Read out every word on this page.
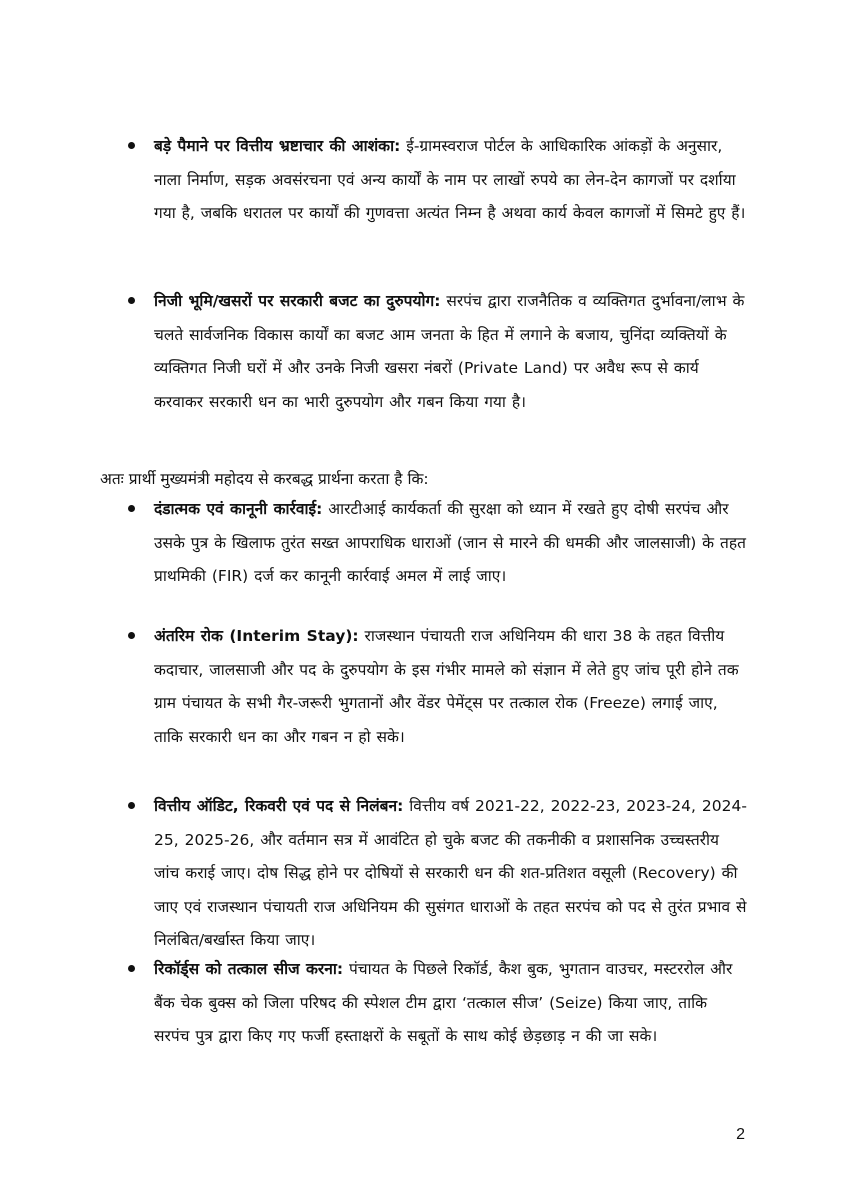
बड़े पैमाने पर वित्तीय भ्रष्टाचार की आशंका: ई-ग्रामस्वराज पोर्टल के आधिकारिक आंकड़ों के अनुसार, नाला निर्माण, सड़क अवसंरचना एवं अन्य कार्यों के नाम पर लाखों रुपये का लेन-देन कागजों पर दर्शाया गया है, जबकि धरातल पर कार्यों की गुणवत्ता अत्यंत निम्न है अथवा कार्य केवल कागजों में सिमटे हुए हैं।
निजी भूमि/खसरों पर सरकारी बजट का दुरुपयोग: सरपंच द्वारा राजनैतिक व व्यक्तिगत दुर्भावना/लाभ के चलते सार्वजनिक विकास कार्यों का बजट आम जनता के हित में लगाने के बजाय, चुनिंदा व्यक्तियों के व्यक्तिगत निजी घरों में और उनके निजी खसरा नंबरों (Private Land) पर अवैध रूप से कार्य करवाकर सरकारी धन का भारी दुरुपयोग और गबन किया गया है।
अतः प्रार्थी मुख्यमंत्री महोदय से करबद्ध प्रार्थना करता है कि:
दंडात्मक एवं कानूनी कार्रवाई: आरटीआई कार्यकर्ता की सुरक्षा को ध्यान में रखते हुए दोषी सरपंच और उसके पुत्र के खिलाफ तुरंत सख्त आपराधिक धाराओं (जान से मारने की धमकी और जालसाजी) के तहत प्राथमिकी (FIR) दर्ज कर कानूनी कार्रवाई अमल में लाई जाए।
अंतरिम रोक (Interim Stay): राजस्थान पंचायती राज अधिनियम की धारा 38 के तहत वित्तीय कदाचार, जालसाजी और पद के दुरुपयोग के इस गंभीर मामले को संज्ञान में लेते हुए जांच पूरी होने तक ग्राम पंचायत के सभी गैर-जरूरी भुगतानों और वेंडर पेमेंट्स पर तत्काल रोक (Freeze) लगाई जाए, ताकि सरकारी धन का और गबन न हो सके।
वित्तीय ऑडिट, रिकवरी एवं पद से निलंबन: वित्तीय वर्ष 2021-22, 2022-23, 2023-24, 2024-25, 2025-26, और वर्तमान सत्र में आवंटित हो चुके बजट की तकनीकी व प्रशासनिक उच्चस्तरीय जांच कराई जाए। दोष सिद्ध होने पर दोषियों से सरकारी धन की शत-प्रतिशत वसूली (Recovery) की जाए एवं राजस्थान पंचायती राज अधिनियम की सुसंगत धाराओं के तहत सरपंच को पद से तुरंत प्रभाव से निलंबित/बर्खास्त किया जाए।
रिकॉर्ड्स को तत्काल सीज करना: पंचायत के पिछले रिकॉर्ड, कैश बुक, भुगतान वाउचर, मस्टररोल और बैंक चेक बुक्स को जिला परिषद की स्पेशल टीम द्वारा ‘तत्काल सीज’ (Seize) किया जाए, ताकि सरपंच पुत्र द्वारा किए गए फर्जी हस्ताक्षरों के सबूतों के साथ कोई छेड़छाड़ न की जा सके।
2
